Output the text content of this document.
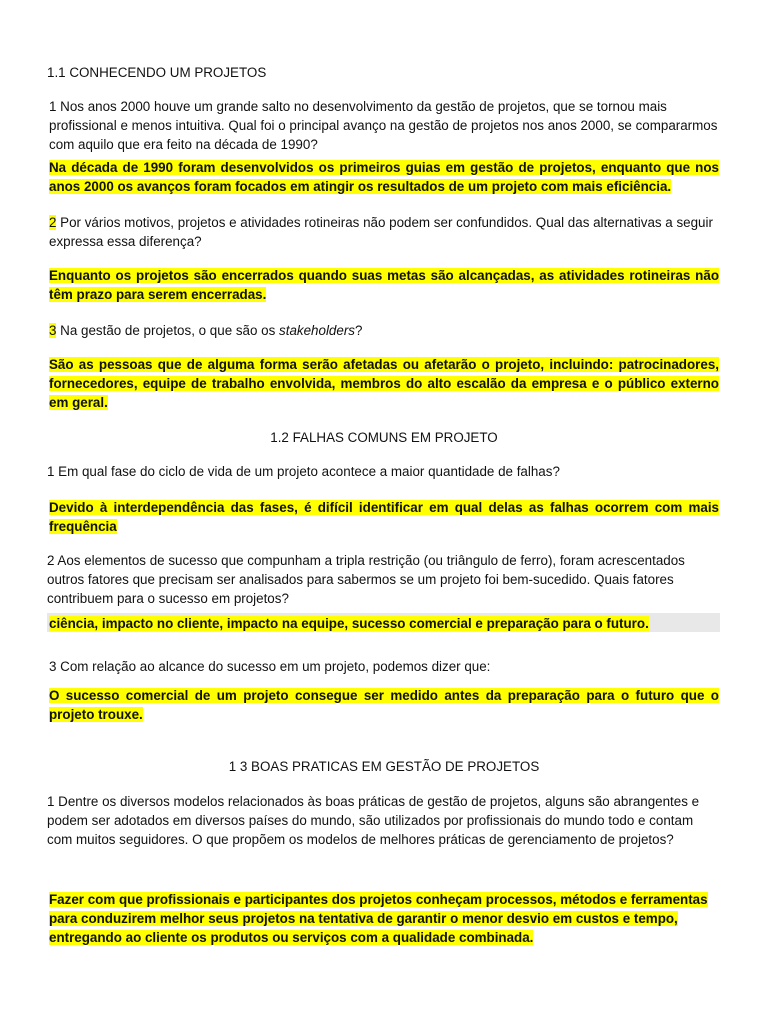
1.1 CONHECENDO UM PROJETOS
1 Nos anos 2000 houve um grande salto no desenvolvimento da gestão de projetos, que se tornou mais profissional e menos intuitiva. Qual foi o principal avanço na gestão de projetos nos anos 2000, se compararmos com aquilo que era feito na década de 1990?
Na década de 1990 foram desenvolvidos os primeiros guias em gestão de projetos, enquanto que nos anos 2000 os avanços foram focados em atingir os resultados de um projeto com mais eficiência.
2 Por vários motivos, projetos e atividades rotineiras não podem ser confundidos. Qual das alternativas a seguir expressa essa diferença?
Enquanto os projetos são encerrados quando suas metas são alcançadas, as atividades rotineiras não têm prazo para serem encerradas.
3 Na gestão de projetos, o que são os stakeholders?
São as pessoas que de alguma forma serão afetadas ou afetarão o projeto, incluindo: patrocinadores, fornecedores, equipe de trabalho envolvida, membros do alto escalão da empresa e o público externo em geral.
1.2 FALHAS COMUNS EM PROJETO
1 Em qual fase do ciclo de vida de um projeto acontece a maior quantidade de falhas?
Devido à interdependência das fases, é difícil identificar em qual delas as falhas ocorrem com mais frequência
2 Aos elementos de sucesso que compunham a tripla restrição (ou triângulo de ferro), foram acrescentados outros fatores que precisam ser analisados para sabermos se um projeto foi bem-sucedido. Quais fatores contribuem para o sucesso em projetos?
ciência, impacto no cliente, impacto na equipe, sucesso comercial e preparação para o futuro.
3 Com relação ao alcance do sucesso em um projeto, podemos dizer que:
O sucesso comercial de um projeto consegue ser medido antes da preparação para o futuro que o projeto trouxe.
1 3 BOAS PRATICAS EM GESTÃO DE PROJETOS
1 Dentre os diversos modelos relacionados às boas práticas de gestão de projetos, alguns são abrangentes e podem ser adotados em diversos países do mundo, são utilizados por profissionais do mundo todo e contam com muitos seguidores. O que propõem os modelos de melhores práticas de gerenciamento de projetos?
Fazer com que profissionais e participantes dos projetos conheçam processos, métodos e ferramentas para conduzirem melhor seus projetos na tentativa de garantir o menor desvio em custos e tempo, entregando ao cliente os produtos ou serviços com a qualidade combinada.
